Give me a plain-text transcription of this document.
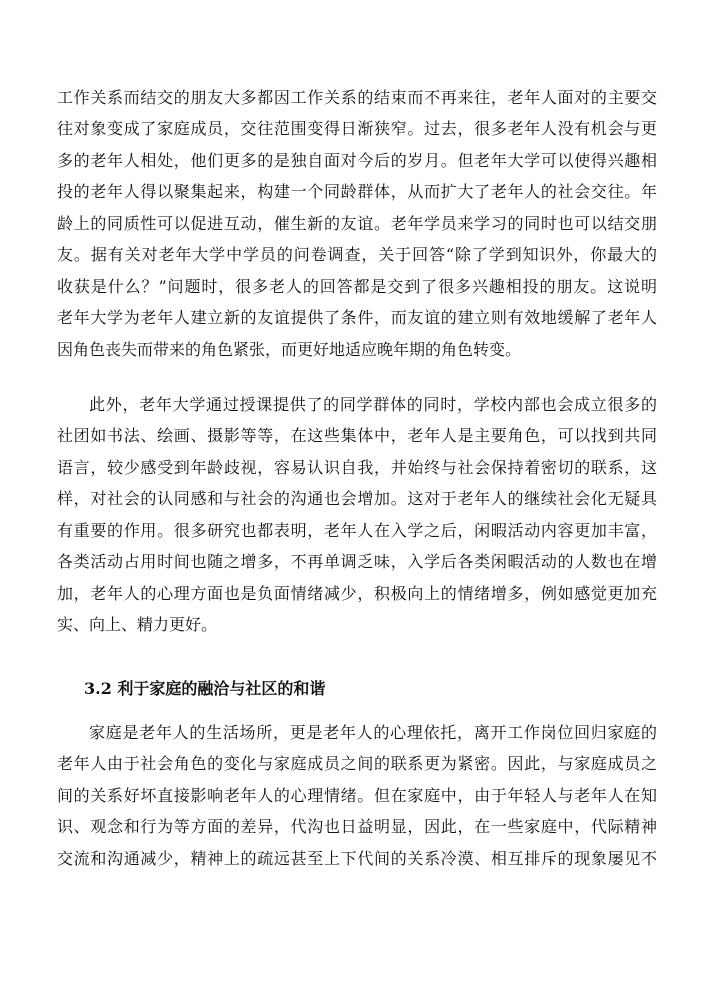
工作关系而结交的朋友大多都因工作关系的结束而不再来往，老年人面对的主要交
往对象变成了家庭成员，交往范围变得日渐狭窄。过去，很多老年人没有机会与更
多的老年人相处，他们更多的是独自面对今后的岁月。但老年大学可以使得兴趣相
投的老年人得以聚集起来，构建一个同龄群体，从而扩大了老年人的社会交往。年
龄上的同质性可以促进互动，催生新的友谊。老年学员来学习的同时也可以结交朋
友。据有关对老年大学中学员的问卷调查，关于回答“除了学到知识外，你最大的
收获是什么？”问题时，很多老人的回答都是交到了很多兴趣相投的朋友。这说明
老年大学为老年人建立新的友谊提供了条件，而友谊的建立则有效地缓解了老年人
因角色丧失而带来的角色紧张，而更好地适应晚年期的角色转变。
此外，老年大学通过授课提供了的同学群体的同时，学校内部也会成立很多的
社团如书法、绘画、摄影等等，在这些集体中，老年人是主要角色，可以找到共同
语言，较少感受到年龄歧视，容易认识自我，并始终与社会保持着密切的联系，这
样，对社会的认同感和与社会的沟通也会增加。这对于老年人的继续社会化无疑具
有重要的作用。很多研究也都表明，老年人在入学之后，闲暇活动内容更加丰富，
各类活动占用时间也随之增多，不再单调乏味，入学后各类闲暇活动的人数也在增
加，老年人的心理方面也是负面情绪减少，积极向上的情绪增多，例如感觉更加充
实、向上、精力更好。
3.2 利于家庭的融洽与社区的和谐
家庭是老年人的生活场所，更是老年人的心理依托，离开工作岗位回归家庭的
老年人由于社会角色的变化与家庭成员之间的联系更为紧密。因此，与家庭成员之
间的关系好坏直接影响老年人的心理情绪。但在家庭中，由于年轻人与老年人在知
识、观念和行为等方面的差异，代沟也日益明显，因此，在一些家庭中，代际精神
交流和沟通减少，精神上的疏远甚至上下代间的关系冷漠、相互排斥的现象屡见不
